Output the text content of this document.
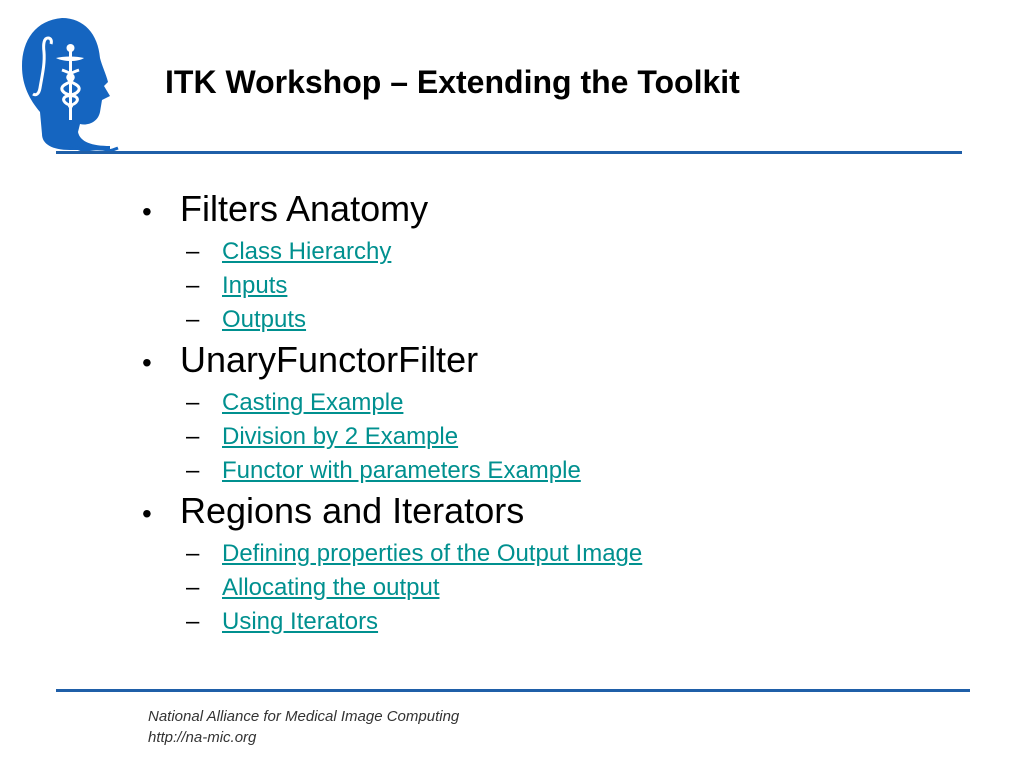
ITK Workshop – Extending the Toolkit
• Filters Anatomy
– Class Hierarchy
– Inputs
– Outputs
• UnaryFunctorFilter
– Casting Example
– Division by 2 Example
– Functor with parameters Example
• Regions and Iterators
– Defining properties of the Output Image
– Allocating the output
– Using Iterators
National Alliance for Medical Image Computing
http://na-mic.org
